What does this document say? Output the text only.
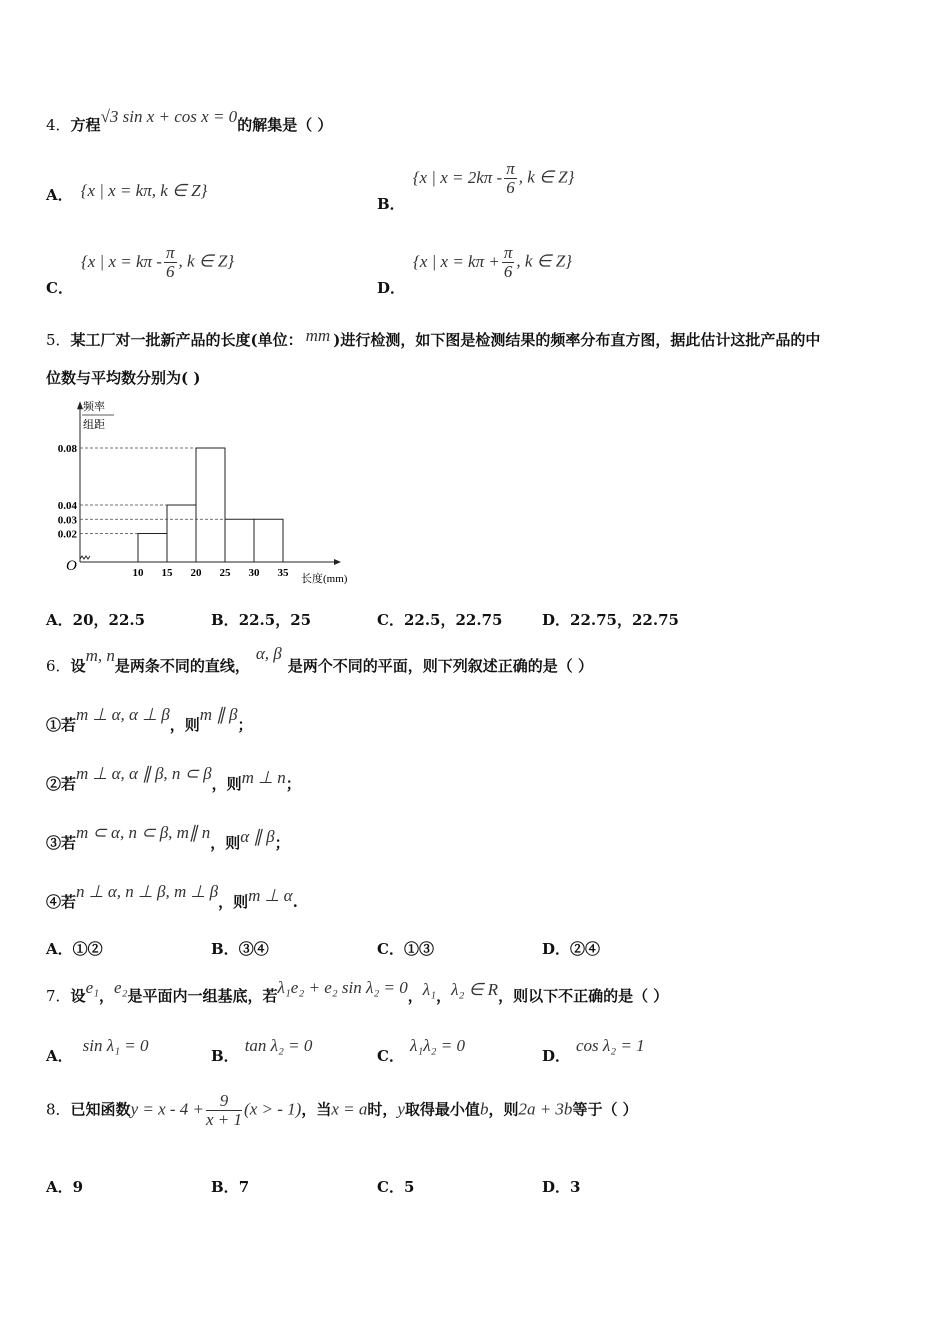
4．方程√3 sin x + cos x = 0的解集是（ ）
A． {x | x = kπ, k ∈ Z}
B．{x | $x = 2k\pi - \frac{\pi}{6}$ , k ∈ Z}
C．{x | $x = k\pi - \frac{\pi}{6}$ , k ∈ Z}
D．{x | $x = k\pi + \frac{\pi}{6}$ , k ∈ Z}
5．某工厂对一批新产品的长度(单位： mm )进行检测，如下图是检测结果的频率分布直方图，据此估计这批产品的中
位数与平均数分别为( )
O
频率
组距
0.02
0.03
0.04
0.08
10 15 20 25 30 35 长度(mm)
A．20，22.5	B．22.5，25	C．22.5，22.75	D．22.75，22.75
6．设m, n是两条不同的直线，α, β是两个不同的平面，则下列叙述正确的是（ ）
①若m ⊥ α, α ⊥ β，则m ∥ β；
②若m ⊥ α, α ∥ β, n ⊂ β，则m ⊥ n；
③若m ⊂ α, n ⊂ β, m∥ n，则α ∥ β；
④若n ⊥ α, n ⊥ β, m ⊥ β，则m ⊥ α.
A．①②	B．③④	C．①③	D．②④
7．设e₁，e₂是平面内一组基底，若λ₁e₂ + e₂ sin λ₂ = 0，λ₁，λ₂ ∈ R，则以下不正确的是（ ）
A．sin λ₁ = 0
B．tan λ₂ = 0
C．λ₁λ₂ = 0
D．cos λ₂ = 1
8．已知函数$y = x - 4 + \frac{9}{x + 1} (x$ > - 1)，当x = a时，y取得最小值b，则2a + 3b等于（ ）
A．9	B．7	C．5	D．3
